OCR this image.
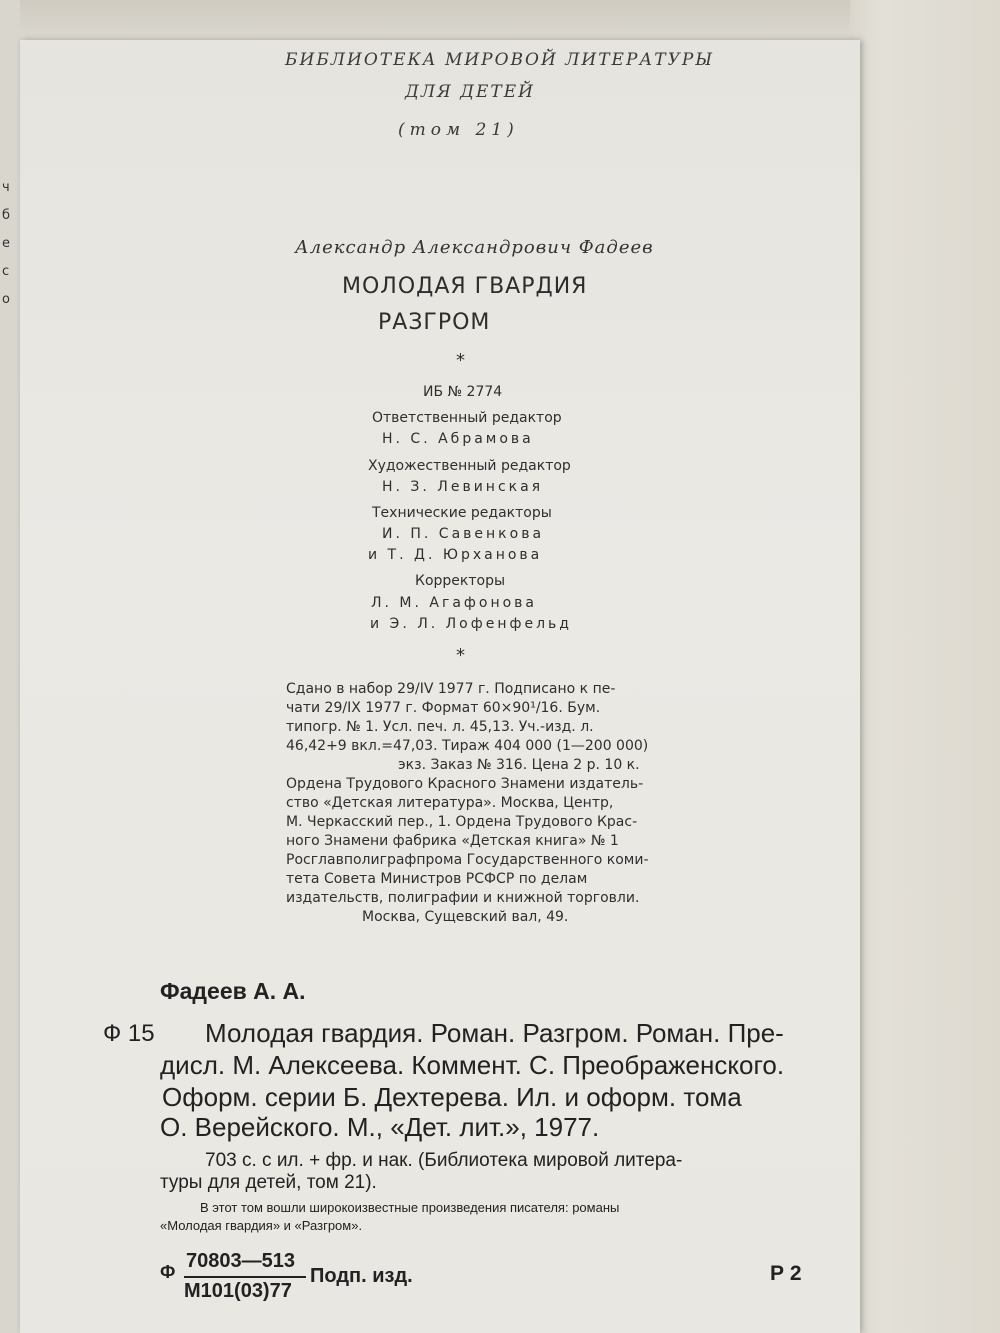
ч
б
е
с
о
БИБЛИОТЕКА МИРОВОЙ ЛИТЕРАТУРЫ
ДЛЯ ДЕТЕЙ
(том 21)
Александр Александрович Фадеев
МОЛОДАЯ ГВАРДИЯ
РАЗГРОМ
*
ИБ № 2774
Ответственный редактор
Н. С. Абрамова
Художественный редактор
Н. З. Левинская
Технические редакторы
И. П. Савенкова
и Т. Д. Юрханова
Корректоры
Л. М. Агафонова
и Э. Л. Лофенфельд
*
Сдано в набор 29/IV 1977 г. Подписано к пе-
чати 29/IX 1977 г. Формат 60×90¹/16. Бум.
типогр. № 1. Усл. печ. л. 45,13. Уч.-изд. л.
46,42+9 вкл.=47,03. Тираж 404 000 (1—200 000)
экз. Заказ № 316. Цена 2 р. 10 к.
Ордена Трудового Красного Знамени издатель-
ство «Детская литература». Москва, Центр,
М. Черкасский пер., 1. Ордена Трудового Крас-
ного Знамени фабрика «Детская книга» № 1
Росглавполиграфпрома Государственного коми-
тета Совета Министров РСФСР по делам
издательств, полиграфии и книжной торговли.
Москва, Сущевский вал, 49.
Фадеев А. А.
Ф 15 Молодая гвардия. Роман. Разгром. Роман. Пре-
дисл. М. Алексеева. Коммент. С. Преображенского.
Оформ. серии Б. Дехтерева. Ил. и оформ. тома
О. Верейского. М., «Дет. лит.», 1977.
703 с. с ил. + фр. и нак. (Библиотека мировой литера-
туры для детей, том 21).
В этот том вошли широкоизвестные произведения писателя: романы
«Молодая гвардия» и «Разгром».
Ф 70803—513
М101(03)77
Подп. изд.	Р 2
